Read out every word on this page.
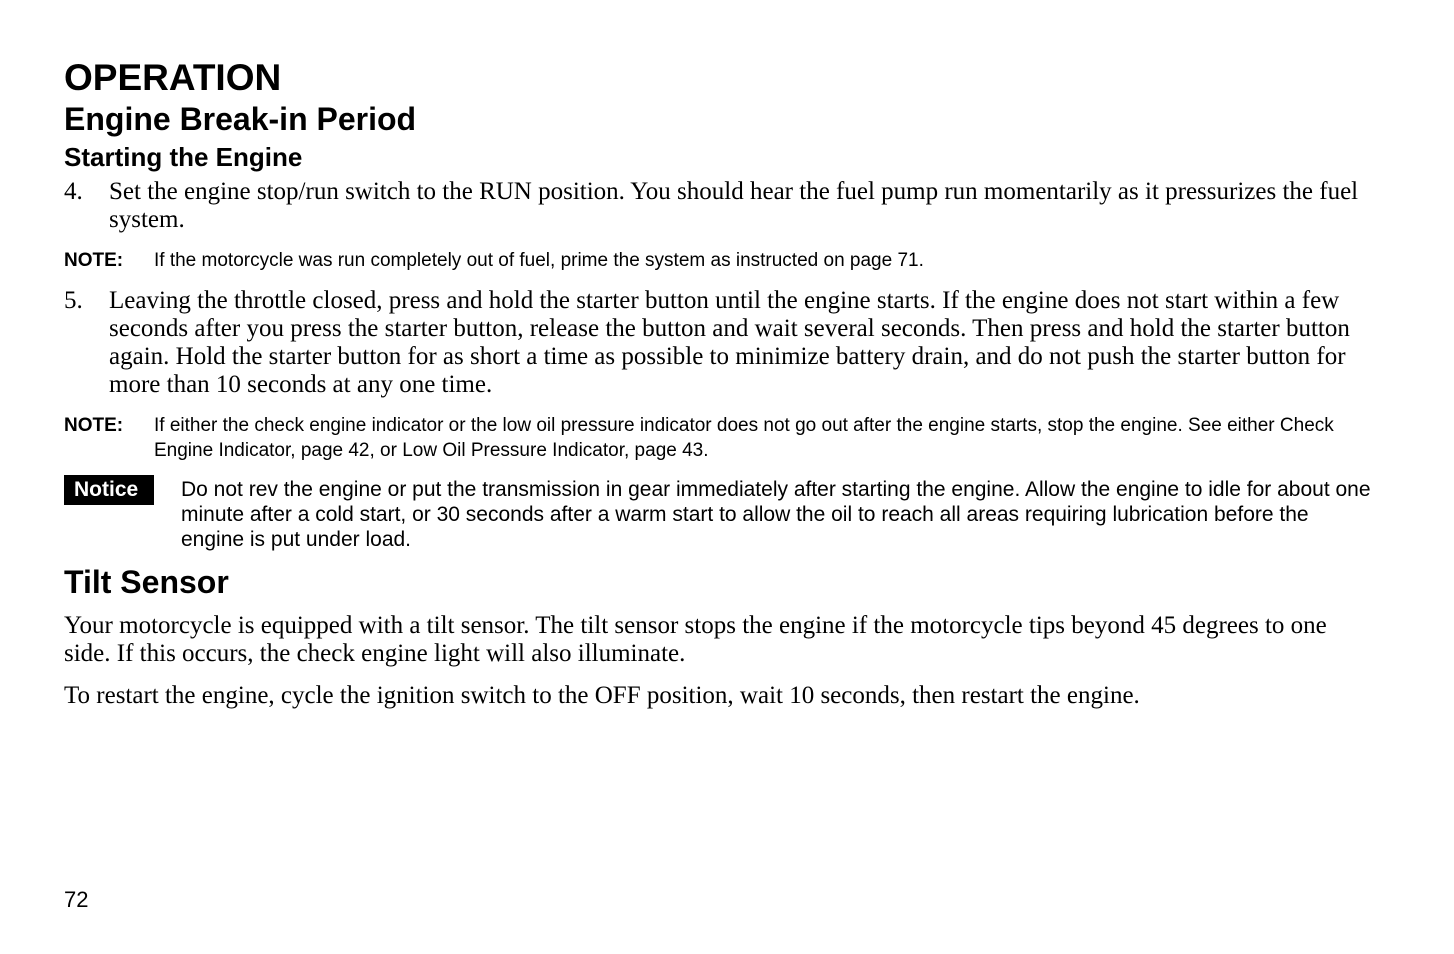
OPERATION
Engine Break-in Period
Starting the Engine
4.	Set the engine stop/run switch to the RUN position. You should hear the fuel pump run momentarily as it pressurizes the fuel system.
NOTE:	If the motorcycle was run completely out of fuel, prime the system as instructed on page 71.
5.	Leaving the throttle closed, press and hold the starter button until the engine starts. If the engine does not start within a few seconds after you press the starter button, release the button and wait several seconds. Then press and hold the starter button again. Hold the starter button for as short a time as possible to minimize battery drain, and do not push the starter button for more than 10 seconds at any one time.
NOTE:	If either the check engine indicator or the low oil pressure indicator does not go out after the engine starts, stop the engine. See either Check Engine Indicator, page 42, or Low Oil Pressure Indicator, page 43.
Notice	Do not rev the engine or put the transmission in gear immediately after starting the engine. Allow the engine to idle for about one minute after a cold start, or 30 seconds after a warm start to allow the oil to reach all areas requiring lubrication before the engine is put under load.
Tilt Sensor

Your motorcycle is equipped with a tilt sensor. The tilt sensor stops the engine if the motorcycle tips beyond 45 degrees to one side. If this occurs, the check engine light will also illuminate.

To restart the engine, cycle the ignition switch to the OFF position, wait 10 seconds, then restart the engine.

72
